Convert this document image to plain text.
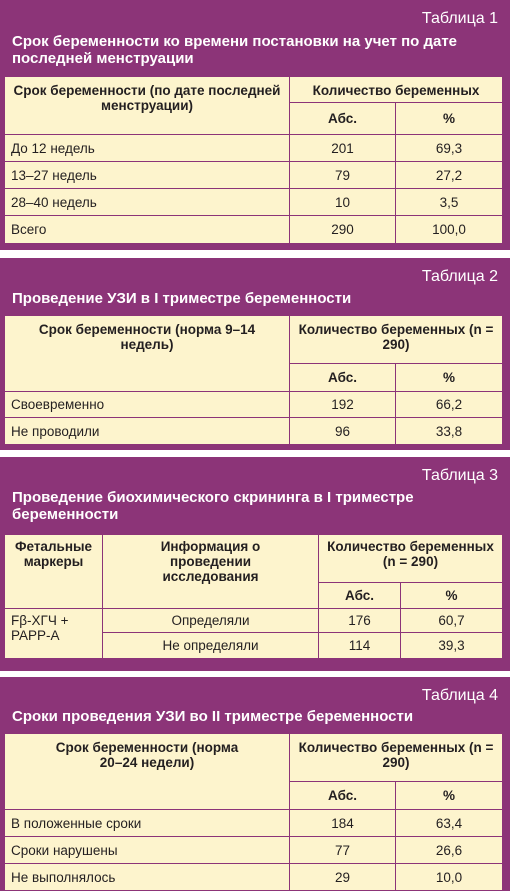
Таблица 1
Срок беременности ко времени постановки на учет по дате последней менструации
Срок беременности (по дате последней менструации)	Количество беременных	
	Абс.	%
До 12 недель	201	69,3
13–27 недель	79	27,2
28–40 недель	10	3,5
Всего	290	100,0
Таблица 2
Проведение УЗИ в I триместре беременности
Срок беременности (норма 9–14 недель)	Количество беременных (n = 290)	
	Абс.	%
Своевременно	192	66,2
Не проводили	96	33,8
Таблица 3
Проведение биохимического скрининга в I триместре беременности
Фетальные маркеры	Информация о проведении исследования	Количество беременных (n = 290)	
		Абс.	%
Fβ-ХГЧ + PAPP-A	Определяли	176	60,7
	Не определяли	114	39,3
Таблица 4
Сроки проведения УЗИ во II триместре беременности
Срок беременности (норма 20–24 недели)	Количество беременных (n = 290)	
	Абс.	%
В положенные сроки	184	63,4
Сроки нарушены	77	26,6
Не выполнялось	29	10,0
